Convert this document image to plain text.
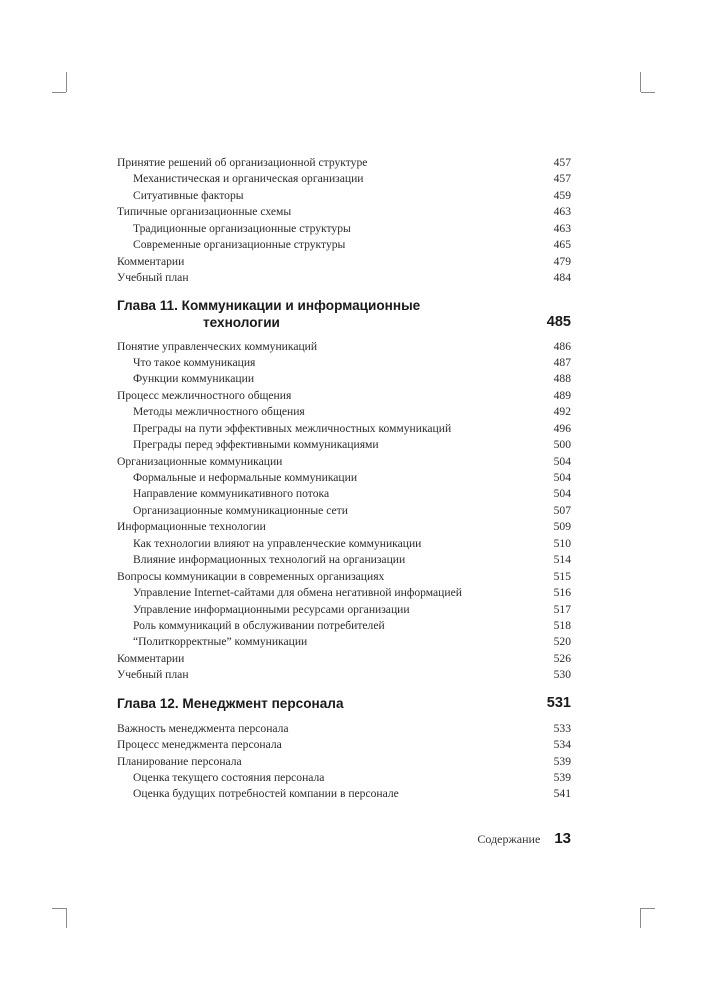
Принятие решений об организационной структуре	457
Механистическая и органическая организации	457
Ситуативные факторы	459
Типичные организационные схемы	463
Традиционные организационные структуры	463
Современные организационные структуры	465
Комментарии	479
Учебный план	484
Глава 11. Коммуникации и информационные
технологии	485
Понятие управленческих коммуникаций	486
Что такое коммуникация	487
Функции коммуникации	488
Процесс межличностного общения	489
Методы межличностного общения	492
Преграды на пути эффективных межличностных коммуникаций	496
Преграды перед эффективными коммуникациями	500
Организационные коммуникации	504
Формальные и неформальные коммуникации	504
Направление коммуникативного потока	504
Организационные коммуникационные сети	507
Информационные технологии	509
Как технологии влияют на управленческие коммуникации	510
Влияние информационных технологий на организации	514
Вопросы коммуникации в современных организациях	515
Управление Internet-сайтами для обмена негативной информацией	516
Управление информационными ресурсами организации	517
Роль коммуникаций в обслуживании потребителей	518
“Политкорректные” коммуникации	520
Комментарии	526
Учебный план	530
Глава 12. Менеджмент персонала	531
Важность менеджмента персонала	533
Процесс менеджмента персонала	534
Планирование персонала	539
Оценка текущего состояния персонала	539
Оценка будущих потребностей компании в персонале	541
Содержание 13
